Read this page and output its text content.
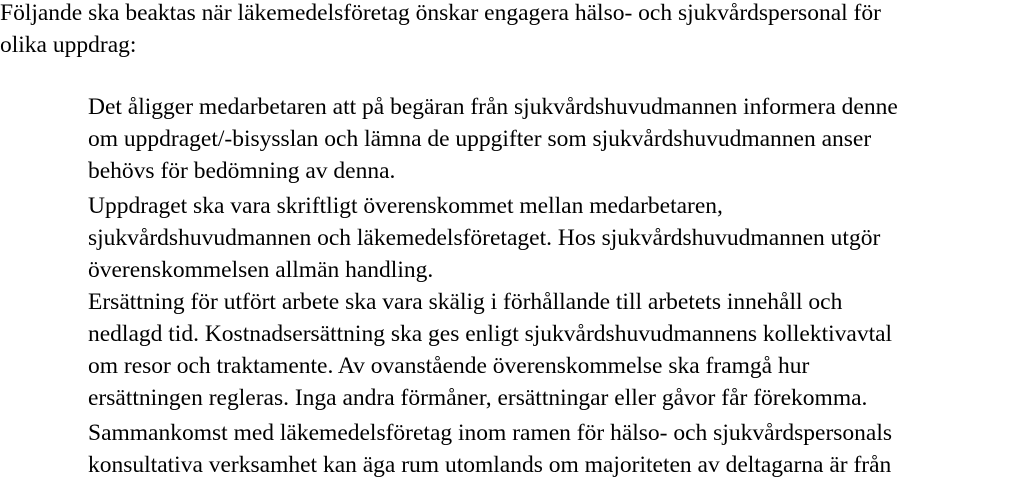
Följande ska beaktas när läkemedelsföretag önskar engagera hälso- och sjukvårdspersonal för
olika uppdrag:
Det åligger medarbetaren att på begäran från sjukvårdshuvudmannen informera denne
om uppdraget/-bisysslan och lämna de uppgifter som sjukvårdshuvudmannen anser
behövs för bedömning av denna.
Uppdraget ska vara skriftligt överenskommet mellan medarbetaren,
sjukvårdshuvudmannen och läkemedelsföretaget. Hos sjukvårdshuvudmannen utgör
överenskommelsen allmän handling.
Ersättning för utfört arbete ska vara skälig i förhållande till arbetets innehåll och
nedlagd tid. Kostnadsersättning ska ges enligt sjukvårdshuvudmannens kollektivavtal
om resor och traktamente. Av ovanstående överenskommelse ska framgå hur
ersättningen regleras. Inga andra förmåner, ersättningar eller gåvor får förekomma.
Sammankomst med läkemedelsföretag inom ramen för hälso- och sjukvårdspersonals
konsultativa verksamhet kan äga rum utomlands om majoriteten av deltagarna är från
